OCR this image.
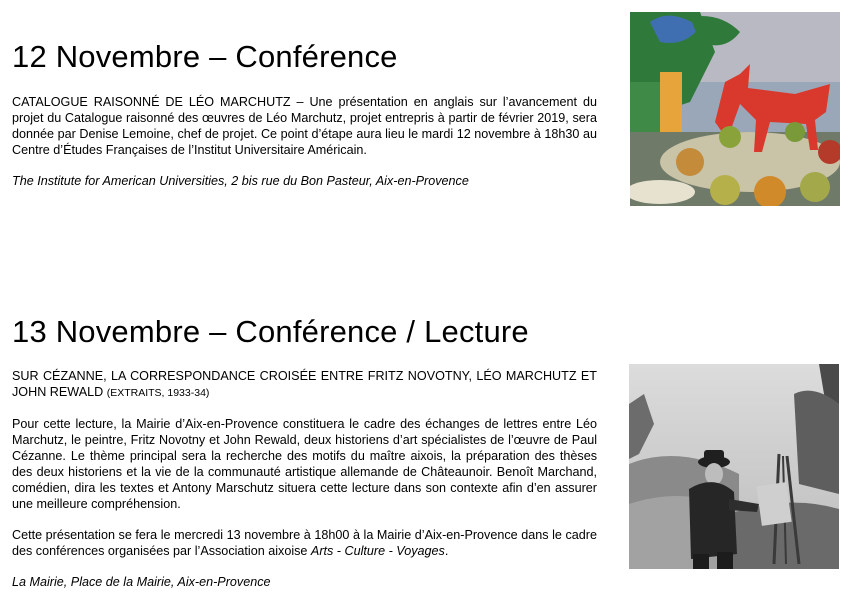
12 Novembre – Conférence

CATALOGUE RAISONNÉ DE LÉO MARCHUTZ – Une présentation en anglais sur l’avancement du projet du Catalogue raisonné des œuvres de Léo Marchutz, projet entrepris à partir de février 2019, sera donnée par Denise Lemoine, chef de projet. Ce point d’étape aura lieu le mardi 12 novembre à 18h30 au Centre d’Études Françaises de l’Institut Universitaire Américain.

The Institute for American Universities, 2 bis rue du Bon Pasteur, Aix-en-Provence

13 Novembre – Conférence / Lecture

SUR CÉZANNE, LA CORRESPONDANCE CROISÉE ENTRE FRITZ NOVOTNY, LÉO MARCHUTZ ET JOHN REWALD (EXTRAITS, 1933-34)

Pour cette lecture, la Mairie d’Aix-en-Provence constituera le cadre des échanges de lettres entre Léo Marchutz, le peintre, Fritz Novotny et John Rewald, deux historiens d’art spécialistes de l’œuvre de Paul Cézanne. Le thème principal sera la recherche des motifs du maître aixois, la préparation des thèses des deux historiens et la vie de la communauté artistique allemande de Châteaunoir. Benoît Marchand, comédien, dira les textes et Antony Marschutz situera cette lecture dans son contexte afin d’en assurer une meilleure compréhension.

Cette présentation se fera le mercredi 13 novembre à 18h00 à la Mairie d’Aix-en-Provence dans le cadre des conférences organisées par l’Association aixoise Arts - Culture - Voyages.

La Mairie, Place de la Mairie, Aix-en-Provence
